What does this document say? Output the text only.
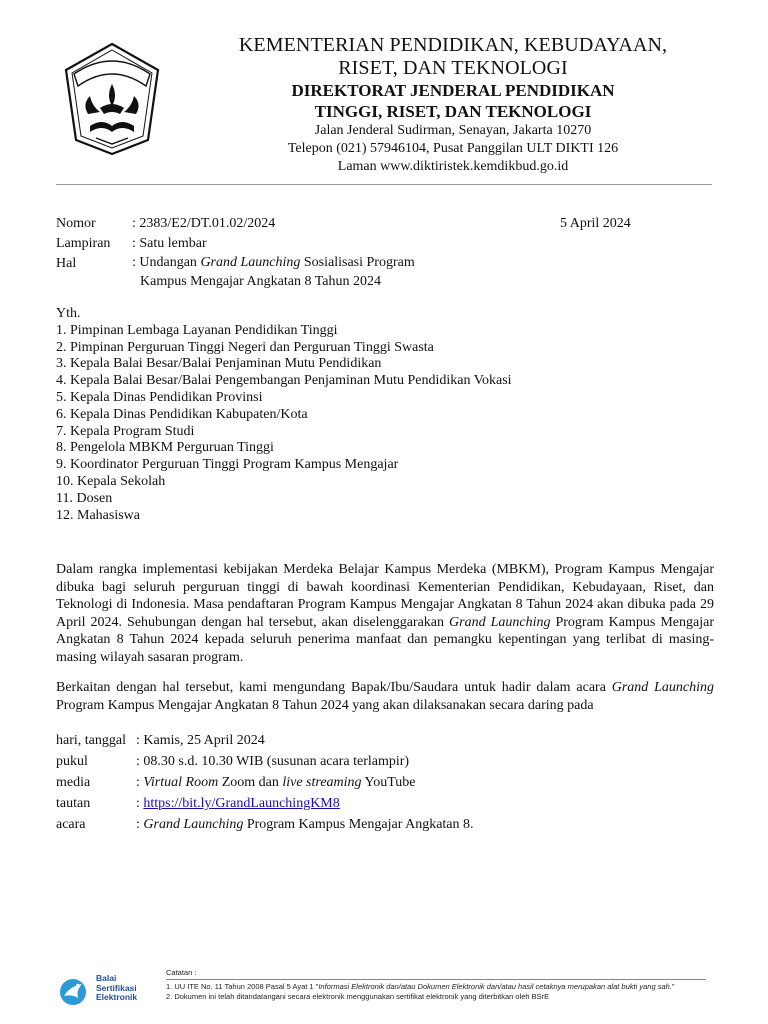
KEMENTERIAN PENDIDIKAN, KEBUDAYAAN,
RISET, DAN TEKNOLOGI
DIREKTORAT JENDERAL PENDIDIKAN
TINGGI, RISET, DAN TEKNOLOGI
Jalan Jenderal Sudirman, Senayan, Jakarta 10270
Telepon (021) 57946104, Pusat Panggilan ULT DIKTI 126
Laman www.diktiristek.kemdikbud.go.id
Nomor	: 2383/E2/DT.01.02/2024	5 April 2024
Lampiran : Satu lembar
Hal	: Undangan Grand Launching Sosialisasi Program
Kampus Mengajar Angkatan 8 Tahun 2024
Yth.
1. Pimpinan Lembaga Layanan Pendidikan Tinggi
2. Pimpinan Perguruan Tinggi Negeri dan Perguruan Tinggi Swasta
3. Kepala Balai Besar/Balai Penjaminan Mutu Pendidikan
4. Kepala Balai Besar/Balai Pengembangan Penjaminan Mutu Pendidikan Vokasi
5. Kepala Dinas Pendidikan Provinsi
6. Kepala Dinas Pendidikan Kabupaten/Kota
7. Kepala Program Studi
8. Pengelola MBKM Perguruan Tinggi
9. Koordinator Perguruan Tinggi Program Kampus Mengajar
10. Kepala Sekolah
11. Dosen
12. Mahasiswa

Dalam rangka implementasi kebijakan Merdeka Belajar Kampus Merdeka (MBKM), Program Kampus Mengajar dibuka bagi seluruh perguruan tinggi di bawah koordinasi Kementerian Pendidikan, Kebudayaan, Riset, dan Teknologi di Indonesia. Masa pendaftaran Program Kampus Mengajar Angkatan 8 Tahun 2024 akan dibuka pada 29 April 2024. Sehubungan dengan hal tersebut, akan diselenggarakan Grand Launching Program Kampus Mengajar Angkatan 8 Tahun 2024 kepada seluruh penerima manfaat dan pemangku kepentingan yang terlibat di masing-masing wilayah sasaran program.

Berkaitan dengan hal tersebut, kami mengundang Bapak/Ibu/Saudara untuk hadir dalam acara Grand Launching Program Kampus Mengajar Angkatan 8 Tahun 2024 yang akan dilaksanakan secara daring pada

hari, tanggal : Kamis, 25 April 2024
pukul	: 08.30 s.d. 10.30 WIB (susunan acara terlampir)
media	: Virtual Room Zoom dan live streaming YouTube
tautan	: https://bit.ly/GrandLaunchingKM8
acara	: Grand Launching Program Kampus Mengajar Angkatan 8.
Balai
Sertifikasi
Elektronik
Catatan :
1. UU ITE No. 11 Tahun 2008 Pasal 5 Ayat 1 "Informasi Elektronik dan/atau Dokumen Elektronik dan/atau hasil cetaknya merupakan alat bukti yang sah."
2. Dokumen ini telah ditandatangani secara elektronik menggunakan sertifikat elektronik yang diterbitkan oleh BSrE
